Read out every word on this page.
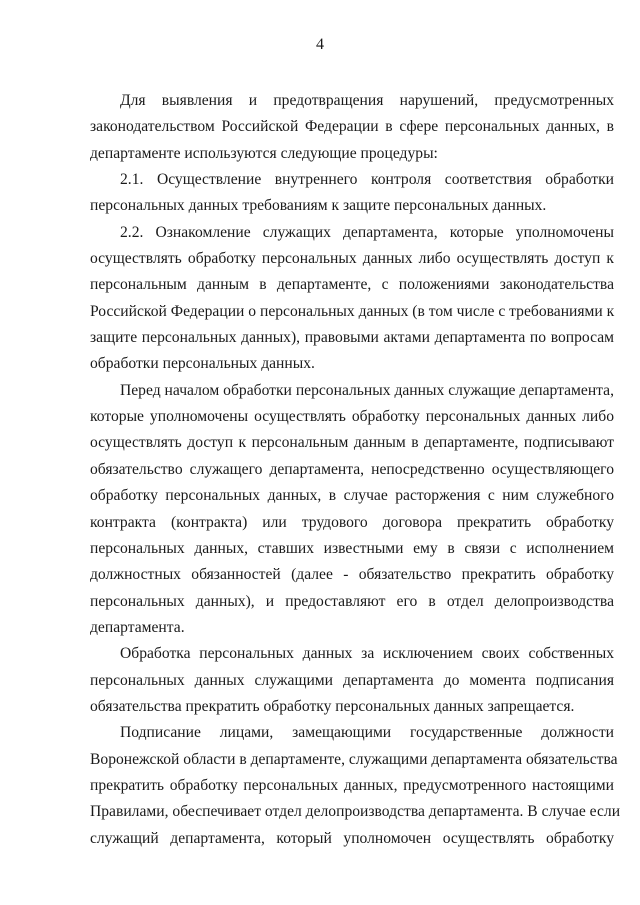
4
Для выявления и предотвращения нарушений, предусмотренных
законодательством Российской Федерации в сфере персональных данных, в
департаменте используются следующие процедуры:
2.1. Осуществление внутреннего контроля соответствия обработки
персональных данных требованиям к защите персональных данных.
2.2. Ознакомление служащих департамента, которые уполномочены
осуществлять обработку персональных данных либо осуществлять доступ к
персональным данным в департаменте, с положениями законодательства
Российской Федерации о персональных данных (в том числе с требованиями к
защите персональных данных), правовыми актами департамента по вопросам
обработки персональных данных.
Перед началом обработки персональных данных служащие департамента,
которые уполномочены осуществлять обработку персональных данных либо
осуществлять доступ к персональным данным в департаменте, подписывают
обязательство служащего департамента, непосредственно осуществляющего
обработку персональных данных, в случае расторжения с ним служебного
контракта (контракта) или трудового договора прекратить обработку
персональных данных, ставших известными ему в связи с исполнением
должностных обязанностей (далее - обязательство прекратить обработку
персональных данных), и предоставляют его в отдел делопроизводства
департамента.
Обработка персональных данных за исключением своих собственных
персональных данных служащими департамента до момента подписания
обязательства прекратить обработку персональных данных запрещается.
Подписание лицами, замещающими государственные должности
Воронежской области в департаменте, служащими департамента обязательства
прекратить обработку персональных данных, предусмотренного настоящими
Правилами, обеспечивает отдел делопроизводства департамента. В случае если
служащий департамента, который уполномочен осуществлять обработку
